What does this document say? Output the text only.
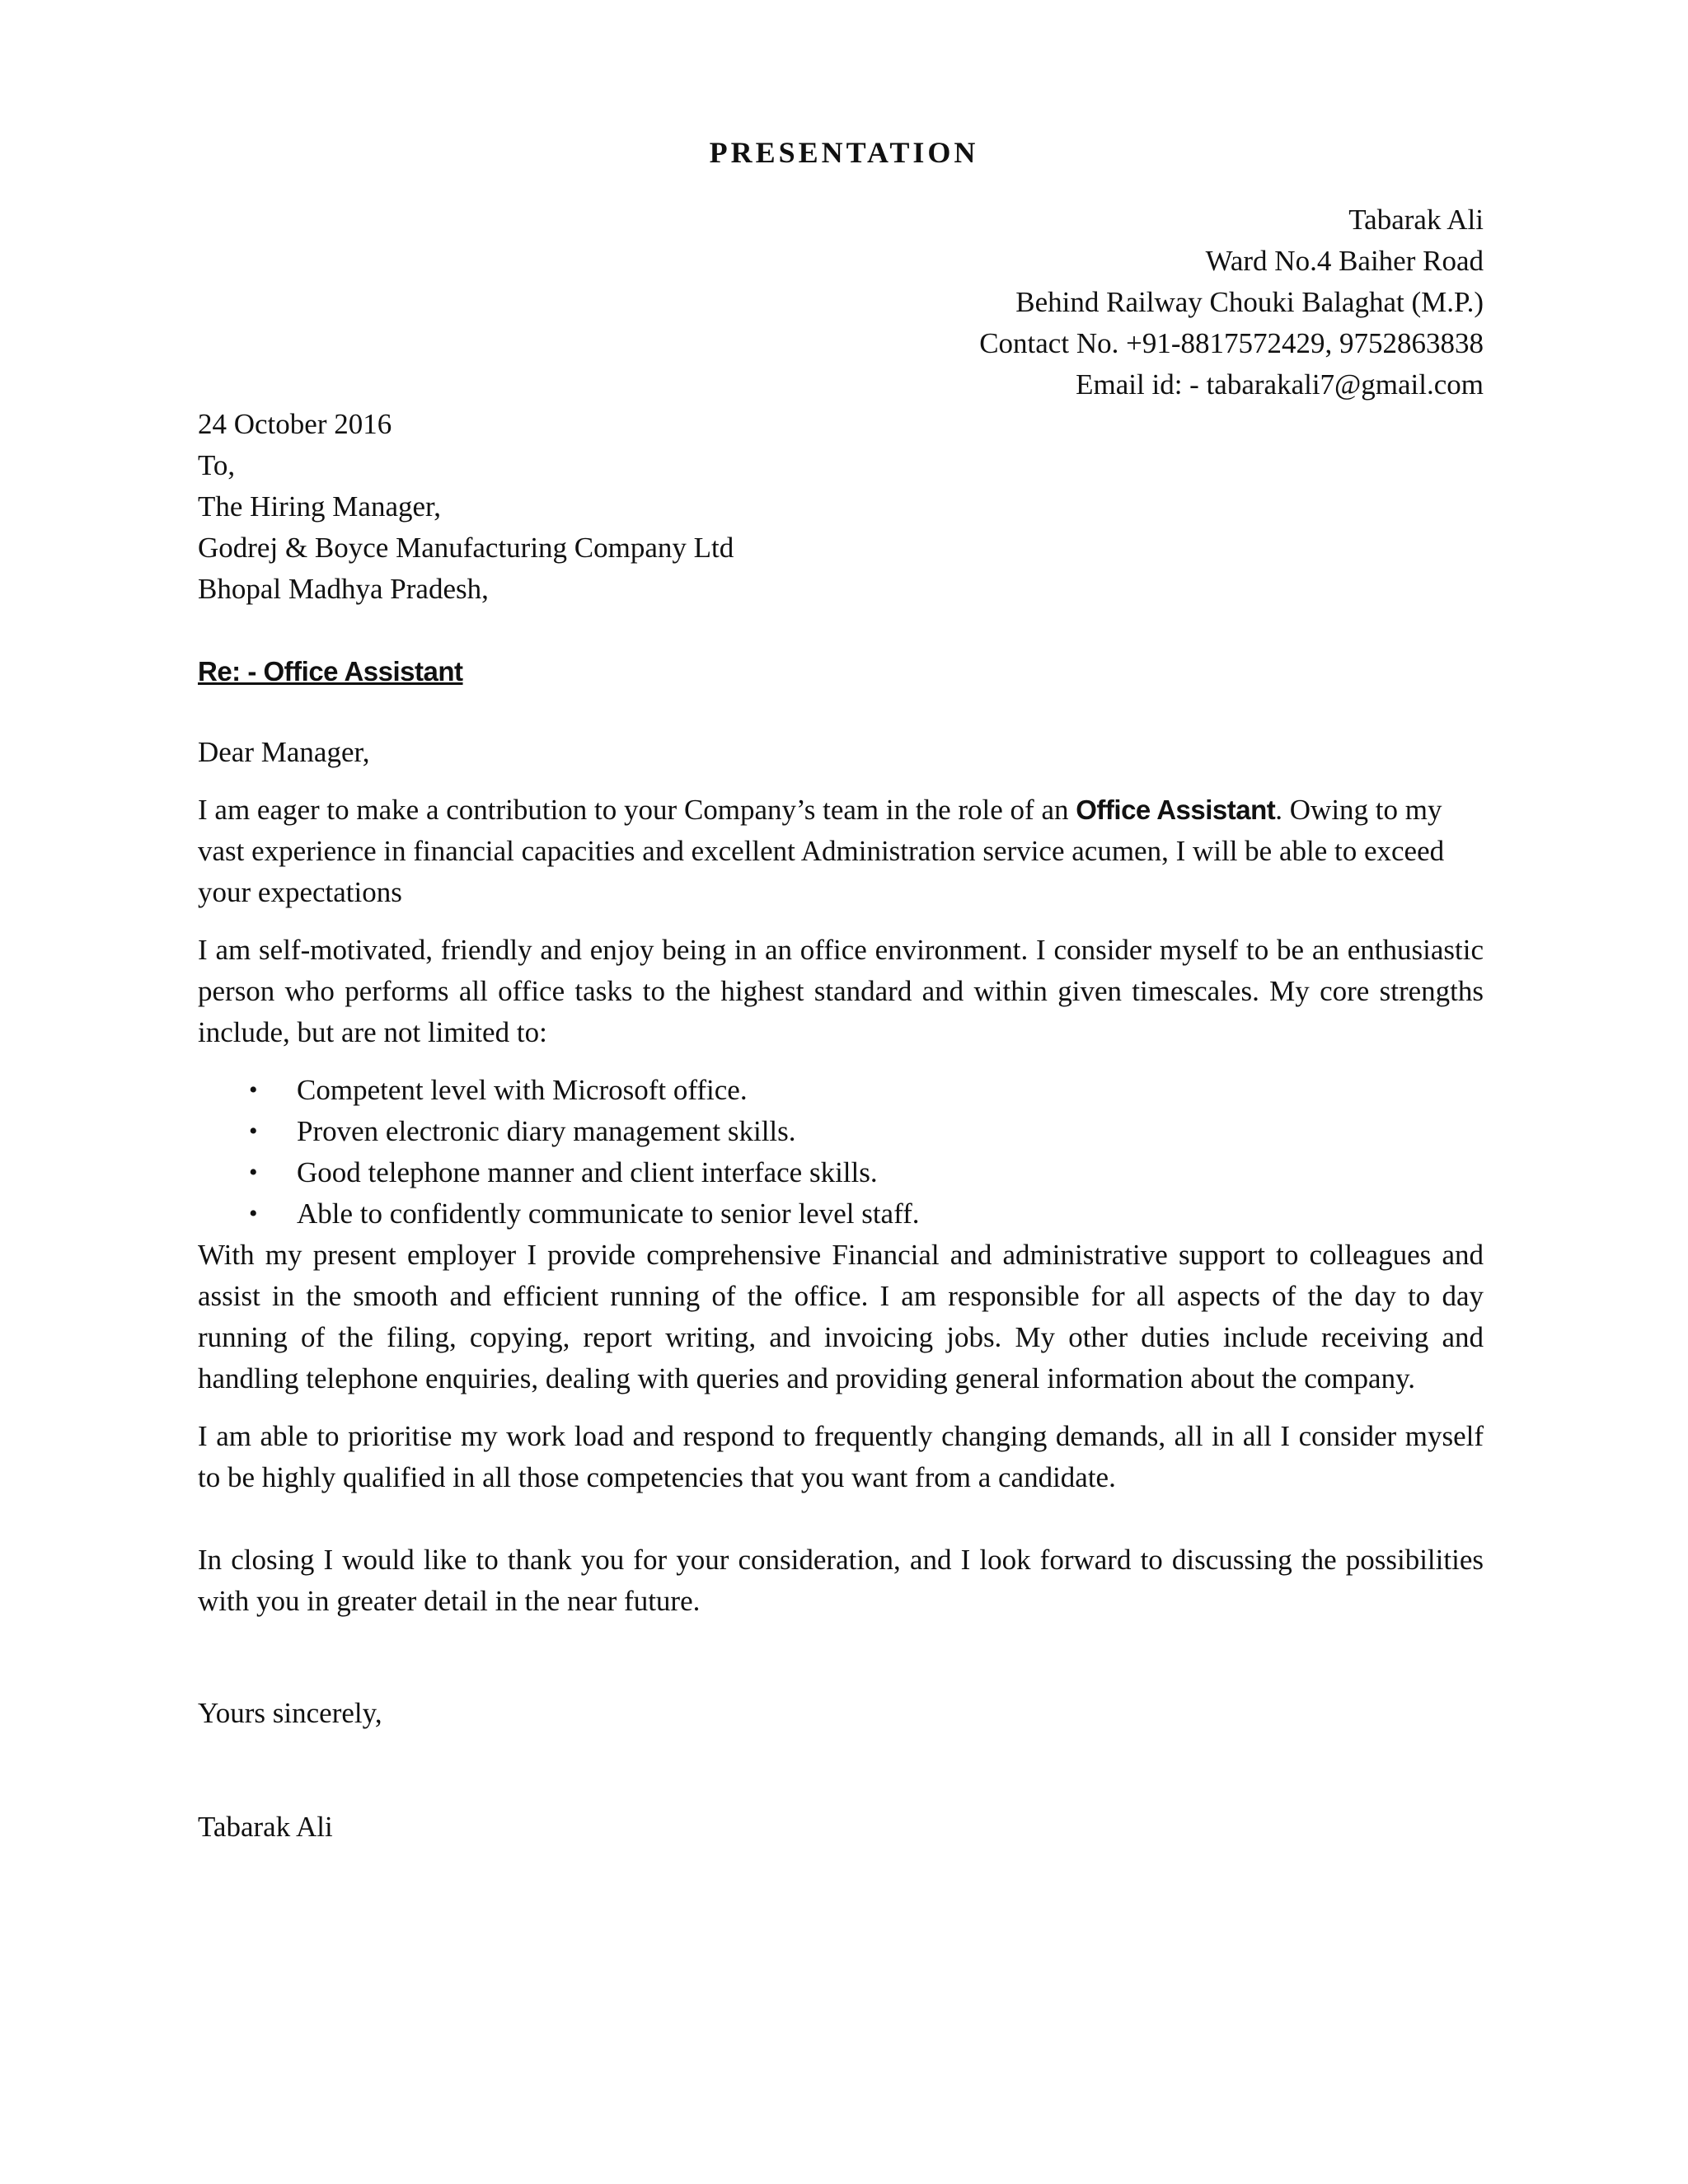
PRESENTATION
Tabarak Ali
Ward No.4 Baiher Road
Behind Railway Chouki Balaghat (M.P.)
Contact No. +91-8817572429, 9752863838
Email id: - tabarakali7@gmail.com
24 October 2016
To,
The Hiring Manager,
Godrej & Boyce Manufacturing Company Ltd
Bhopal Madhya Pradesh,
Re: - Office Assistant
Dear Manager,

I am eager to make a contribution to your Company’s team in the role of an Office Assistant. Owing to my vast experience in financial capacities and excellent Administration service acumen, I will be able to exceed your expectations

I am self-motivated, friendly and enjoy being in an office environment. I consider myself to be an enthusiastic person who performs all office tasks to the highest standard and within given timescales. My core strengths include, but are not limited to:

• Competent level with Microsoft office.
• Proven electronic diary management skills.
• Good telephone manner and client interface skills.
• Able to confidently communicate to senior level staff.

With my present employer I provide comprehensive Financial and administrative support to colleagues and assist in the smooth and efficient running of the office. I am responsible for all aspects of the day to day running of the filing, copying, report writing, and invoicing jobs. My other duties include receiving and handling telephone enquiries, dealing with queries and providing general information about the company.

I am able to prioritise my work load and respond to frequently changing demands, all in all I consider myself to be highly qualified in all those competencies that you want from a candidate.

In closing I would like to thank you for your consideration, and I look forward to discussing the possibilities with you in greater detail in the near future.

Yours sincerely,
Tabarak Ali
